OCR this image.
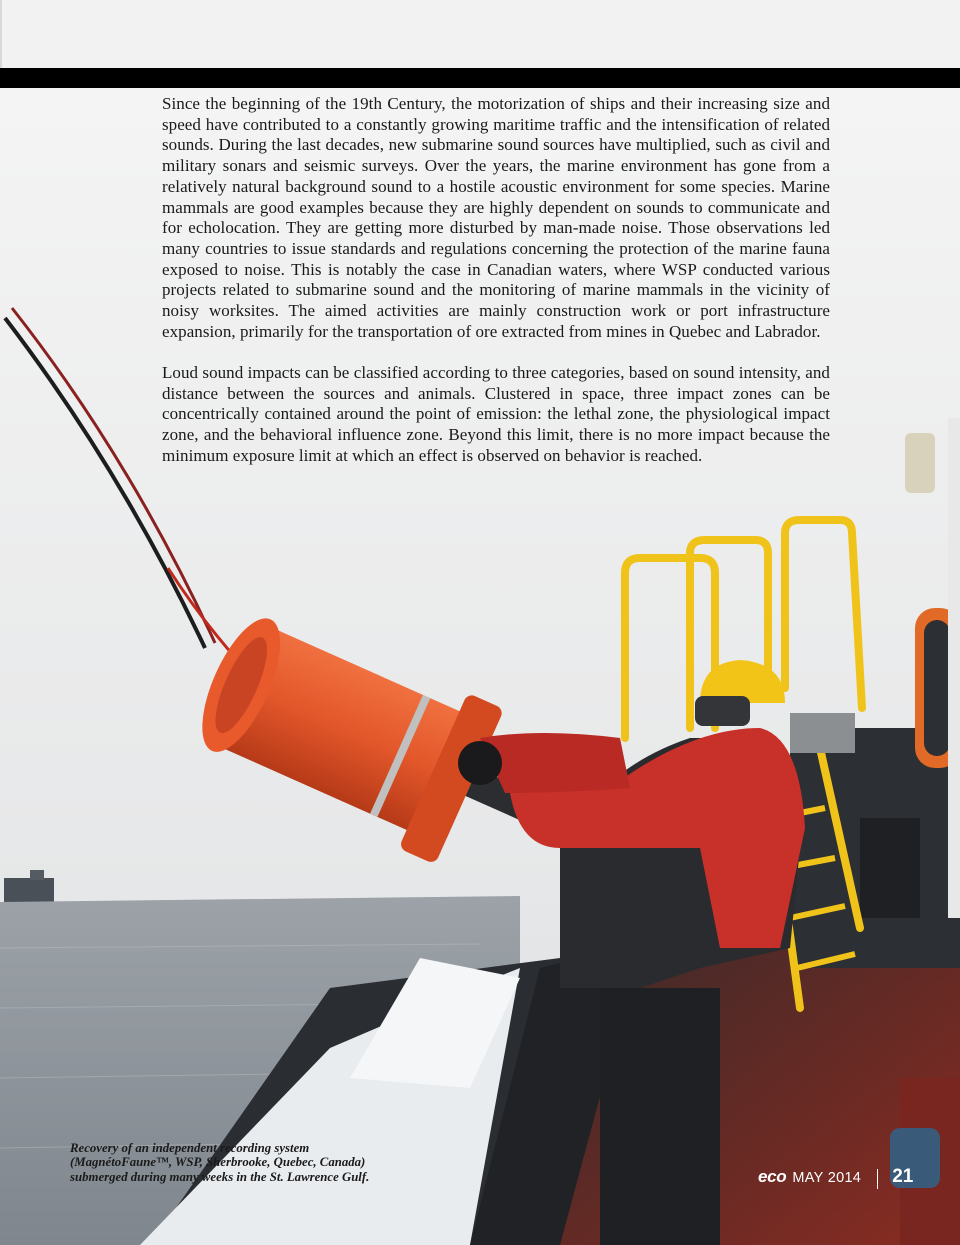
Since the beginning of the 19th Century, the motorization of ships and their increasing size and speed have contributed to a constantly growing maritime traffic and the intensification of related sounds. During the last decades, new submarine sound sources have multiplied, such as civil and military sonars and seismic surveys. Over the years, the marine environment has gone from a relatively natural background sound to a hostile acoustic environment for some species. Marine mammals are good examples because they are highly dependent on sounds to communicate and for echolocation. They are getting more disturbed by man-made noise. Those observations led many countries to issue standards and regulations concerning the protection of the marine fauna exposed to noise. This is notably the case in Canadian waters, where WSP conducted various projects related to submarine sound and the monitoring of marine mammals in the vicinity of noisy worksites. The aimed activities are mainly construction work or port infrastructure expansion, primarily for the transportation of ore extracted from mines in Quebec and Labrador.

Loud sound impacts can be classified according to three categories, based on sound intensity, and distance between the sources and animals. Clustered in space, three impact zones can be concentrically contained around the point of emission: the lethal zone, the physiological impact zone, and the behavioral influence zone. Beyond this limit, there is no more impact because the minimum exposure limit at which an effect is observed on behavior is reached.

Recovery of an independent recording system
(MagnétoFaune™, WSP, Sherbrooke, Quebec, Canada)
submerged during many weeks in the St. Lawrence Gulf.	eco MAY 2014 21
